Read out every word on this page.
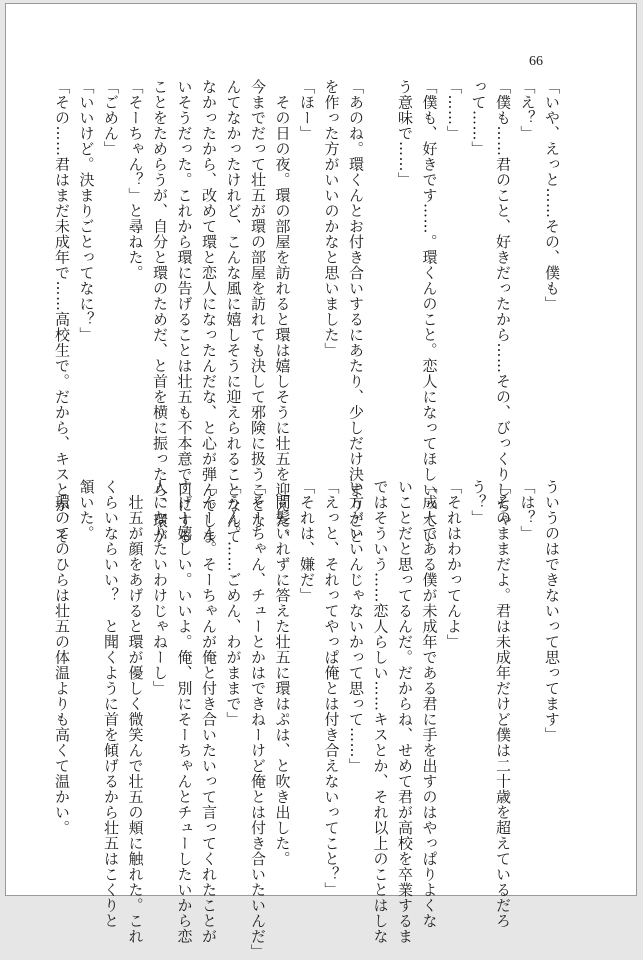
66
「いや、えっと……その、僕も」
「え？」
「僕も……君のこと、好きだったから……その、びっくりしちゃ
って……」
「……」
「僕も、好きです……。環くんのこと。恋人になってほしいってい
う意味で……」

「あのね。環くんとお付き合いするにあたり、少しだけ決まりごと
を作った方がいいのかなと思いました」
「ほー」
　その日の夜。環の部屋を訪れると環は嬉しそうに壮五を迎えた。
今までだって壮五が環の部屋を訪れても決して邪険に扱うことな
んてなかったけれど、こんな風に嬉しそうに迎えられることなんて
なかったから、改めて環と恋人になったんだな、と心が弾んでしま
いそうだった。これから環に告げることは壮五も不本意で口にする
ことをためらうが、自分と環のためだ、と首を横に振ったら、環が
「そーちゃん？」と尋ねた。
「ごめん」
「いいけど。決まりごとってなに？」
「その……君はまだ未成年で……高校生で。だから、キスとか、そ
ういうのはできないって思ってます」
「は？」
「そのままだよ。君は未成年だけど僕は二十歳を超えているだろ
う？」
「それはわかってんよ」
「成人である僕が未成年である君に手を出すのはやっぱりよくな
いことだと思ってるんだ。だからね、せめて君が高校を卒業するま
ではそういう……恋人らしい……キスとか、それ以上のことはしな
い方がいいんじゃないかって思って……」
「えっと、それってやっぱ俺とは付き合えないってこと？」
「それは、嫌だ」
　間髪いれずに答えた壮五に環はぷは、と吹き出した。
「そーちゃん、チューとかはできねーけど俺とは付き合いたいんだ」
「うん。……ごめん、わがままで」
「んーん。そーちゃんが俺と付き合いたいって言ってくれたことが
すげー嬉しい。いいよ。俺、別にそーちゃんとチューしたいから恋
人になりたいわけじゃねーし」
　壮五が顔をあげると環が優しく微笑んで壮五の頬に触れた。これ
くらいならいい？　と聞くように首を傾げるから壮五はこくりと
頷いた。
　環のてのひらは壮五の体温よりも高くて温かい。
